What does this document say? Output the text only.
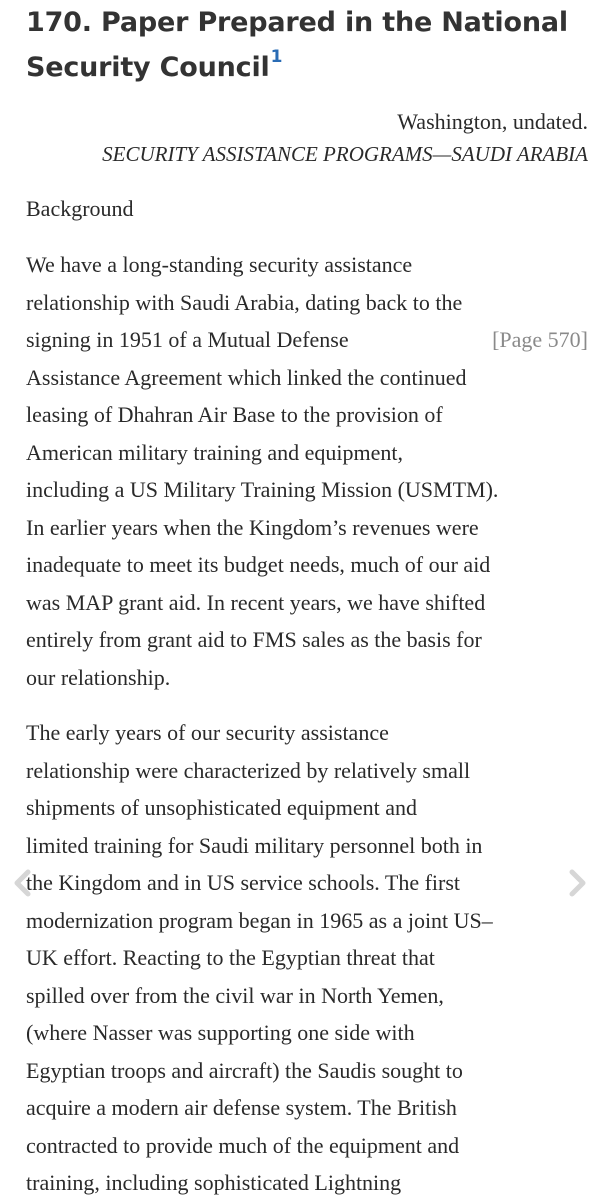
170. Paper Prepared in the National
Security Council$^1$
Washington, undated.
SECURITY ASSISTANCE PROGRAMS—SAUDI ARABIA
Background

We have a long-standing security assistance
relationship with Saudi Arabia, dating back to the
signing in 1951 of a Mutual Defense	[Page 570]
Assistance Agreement which linked the continued
leasing of Dhahran Air Base to the provision of
American military training and equipment,
including a US Military Training Mission (USMTM).
In earlier years when the Kingdom’s revenues were
inadequate to meet its budget needs, much of our aid
was MAP grant aid. In recent years, we have shifted
entirely from grant aid to FMS sales as the basis for
our relationship.

The early years of our security assistance
relationship were characterized by relatively small
shipments of unsophisticated equipment and
limited training for Saudi military personnel both in
the Kingdom and in US service schools. The first
modernization program began in 1965 as a joint US–
UK effort. Reacting to the Egyptian threat that
spilled over from the civil war in North Yemen,
(where Nasser was supporting one side with
Egyptian troops and aircraft) the Saudis sought to
acquire a modern air defense system. The British
contracted to provide much of the equipment and
training, including sophisticated Lightning
